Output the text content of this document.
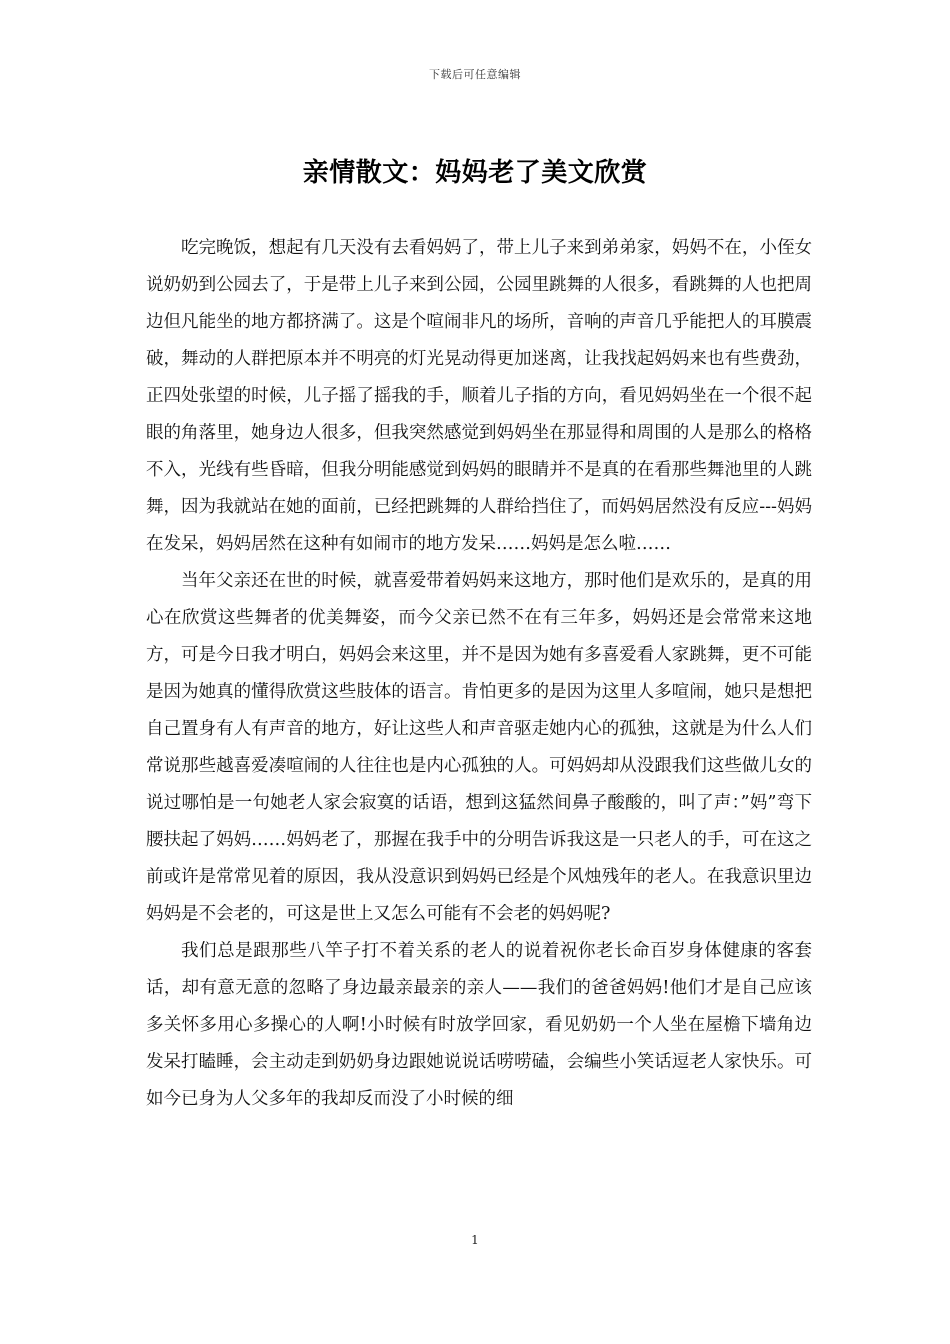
下载后可任意编辑
亲情散文：妈妈老了美文欣赏

吃完晚饭，想起有几天没有去看妈妈了，带上儿子来到弟弟家，妈妈不在，小侄女说奶奶到公园去了，于是带上儿子来到公园，公园里跳舞的人很多，看跳舞的人也把周边但凡能坐的地方都挤满了。这是个喧闹非凡的场所，音响的声音几乎能把人的耳膜震破，舞动的人群把原本并不明亮的灯光晃动得更加迷离，让我找起妈妈来也有些费劲，正四处张望的时候，儿子摇了摇我的手，顺着儿子指的方向，看见妈妈坐在一个很不起眼的角落里，她身边人很多，但我突然感觉到妈妈坐在那显得和周围的人是那么的格格不入，光线有些昏暗，但我分明能感觉到妈妈的眼睛并不是真的在看那些舞池里的人跳舞，因为我就站在她的面前，已经把跳舞的人群给挡住了，而妈妈居然没有反应---妈妈在发呆，妈妈居然在这种有如闹市的地方发呆……妈妈是怎么啦……

当年父亲还在世的时候，就喜爱带着妈妈来这地方，那时他们是欢乐的，是真的用心在欣赏这些舞者的优美舞姿，而今父亲已然不在有三年多，妈妈还是会常常来这地方，可是今日我才明白，妈妈会来这里，并不是因为她有多喜爱看人家跳舞，更不可能是因为她真的懂得欣赏这些肢体的语言。肯怕更多的是因为这里人多喧闹，她只是想把自己置身有人有声音的地方，好让这些人和声音驱走她内心的孤独，这就是为什么人们常说那些越喜爱凑喧闹的人往往也是内心孤独的人。可妈妈却从没跟我们这些做儿女的说过哪怕是一句她老人家会寂寞的话语，想到这猛然间鼻子酸酸的，叫了声：”妈”弯下腰扶起了妈妈……妈妈老了，那握在我手中的分明告诉我这是一只老人的手，可在这之前或许是常常见着的原因，我从没意识到妈妈已经是个风烛残年的老人。在我意识里边妈妈是不会老的，可这是世上又怎么可能有不会老的妈妈呢?

我们总是跟那些八竿子打不着关系的老人的说着祝你老长命百岁身体健康的客套话，却有意无意的忽略了身边最亲最亲的亲人——我们的爸爸妈妈!他们才是自己应该多关怀多用心多操心的人啊!小时候有时放学回家，看见奶奶一个人坐在屋檐下墙角边发呆打瞌睡，会主动走到奶奶身边跟她说说话唠唠磕，会编些小笑话逗老人家快乐。可如今已身为人父多年的我却反而没了小时候的细

1
